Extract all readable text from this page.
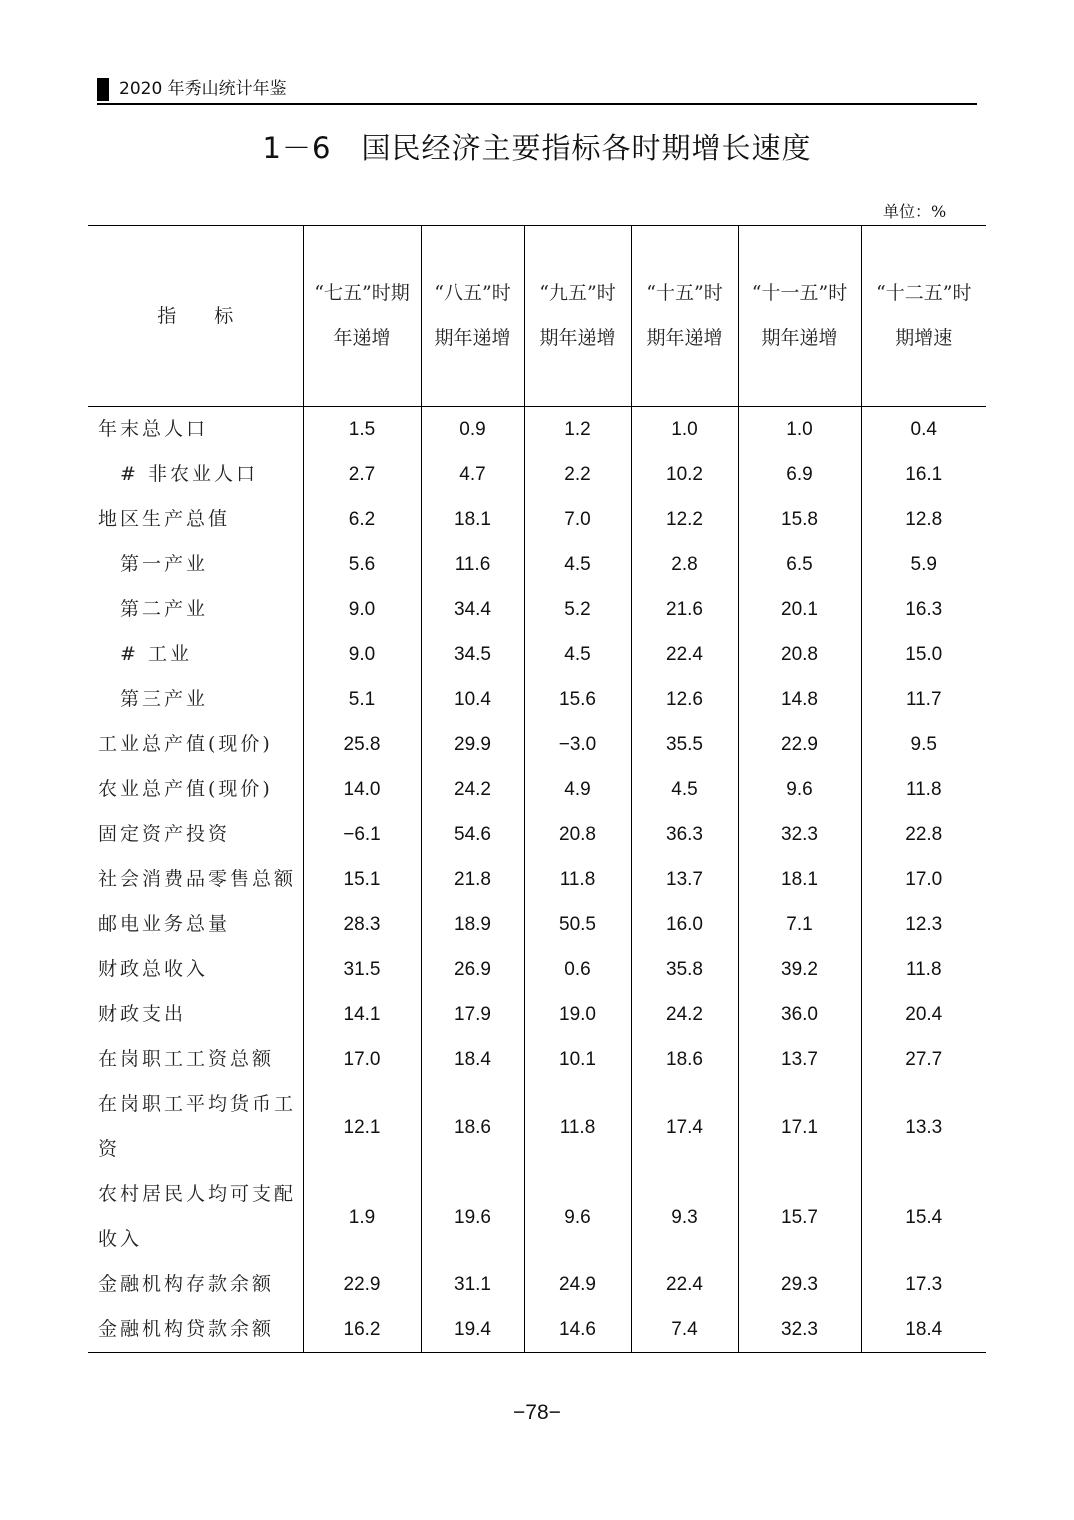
2020 年秀山统计年鉴
1－6 国民经济主要指标各时期增长速度
单位：%
指　　标	“七五”时期年递增	“八五”时期年递增	“九五”时期年递增	“十五”时期年递增	“十一五”时期年递增	“十二五”时期增速
年末总人口	1.5	0.9	1.2	1.0	1.0	0.4
# 非农业人口	2.7	4.7	2.2	10.2	6.9	16.1
地区生产总值	6.2	18.1	7.0	12.2	15.8	12.8
第一产业	5.6	11.6	4.5	2.8	6.5	5.9
第二产业	9.0	34.4	5.2	21.6	20.1	16.3
# 工业	9.0	34.5	4.5	22.4	20.8	15.0
第三产业	5.1	10.4	15.6	12.6	14.8	11.7
工业总产值(现价)	25.8	29.9	−3.0	35.5	22.9	9.5
农业总产值(现价)	14.0	24.2	4.9	4.5	9.6	11.8
固定资产投资	−6.1	54.6	20.8	36.3	32.3	22.8
社会消费品零售总额	15.1	21.8	11.8	13.7	18.1	17.0
邮电业务总量	28.3	18.9	50.5	16.0	7.1	12.3
财政总收入	31.5	26.9	0.6	35.8	39.2	11.8
财政支出	14.1	17.9	19.0	24.2	36.0	20.4
在岗职工工资总额	17.0	18.4	10.1	18.6	13.7	27.7
在岗职工平均货币工资	12.1	18.6	11.8	17.4	17.1	13.3
农村居民人均可支配收入	1.9	19.6	9.6	9.3	15.7	15.4
金融机构存款余额	22.9	31.1	24.9	22.4	29.3	17.3
金融机构贷款余额	16.2	19.4	14.6	7.4	32.3	18.4
−78−
